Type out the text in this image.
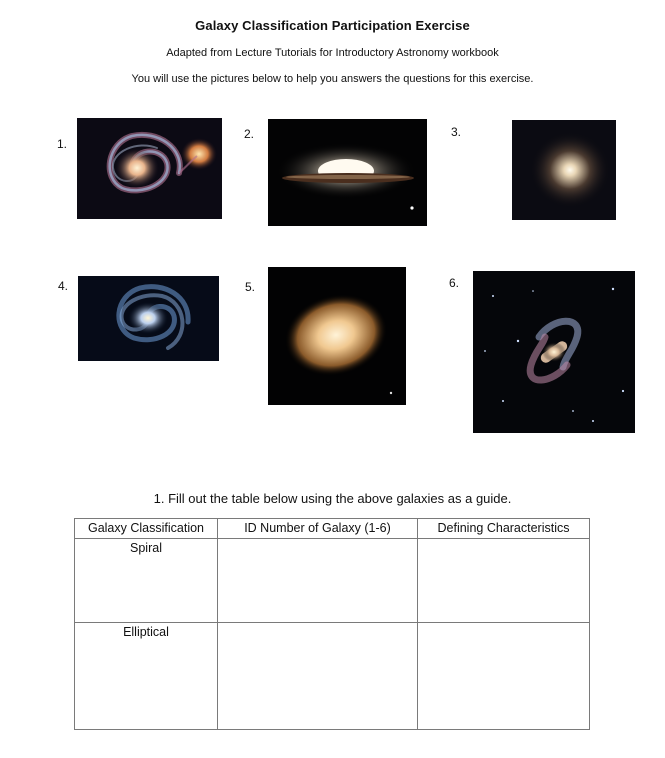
Galaxy Classification Participation Exercise
Adapted from Lecture Tutorials for Introductory Astronomy workbook
You will use the pictures below to help you answers the questions for this exercise.
1.
2.	3.
4.	5.	6.
1. Fill out the table below using the above galaxies as a guide.
Galaxy Classification	ID Number of Galaxy (1-6)	Defining Characteristics
Spiral		
Elliptical		
